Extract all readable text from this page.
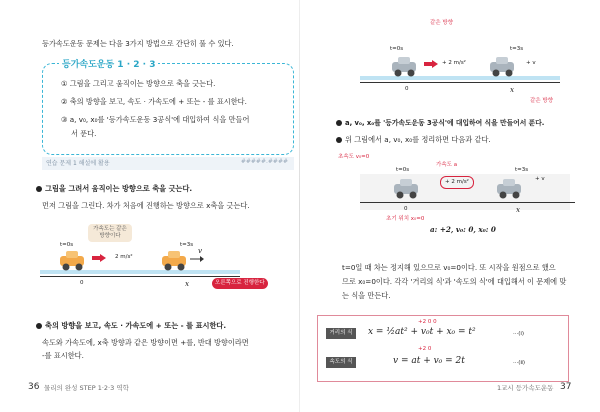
등가속도운동 문제는 다음 3가지 방법으로 간단히 풀 수 있다.
등가속도운동 1 · 2 · 3
① 그림을 그리고 움직이는 방향으로 축을 긋는다.
② 축의 방향을 보고, 속도 · 가속도에 + 또는 - 를 표시한다.
③ a, v₀, x₀를 '등가속도운동 3공식'에 대입하여 식을 만들어
서 푼다.
연습 문제 1 해설에 활용	#####.####
그림을 그려서 움직이는 방향으로 축을 긋는다.
먼저 그림을 그린다. 차가 처음에 진행하는 방향으로 x축을 긋는다.
t=0s	t=3s
가속도는 같은 방향이다
2 m/s²
v
0	x	오른쪽으로 진행한다
축의 방향을 보고, 속도 · 가속도에 + 또는 - 를 표시한다.
속도와 가속도에, x축 방향과 같은 방향이면 +를, 반대 방향이라면
-를 표시한다.
36 물리의 완성 STEP 1·2·3 역학
같은 방향
t=0s	t=3s
+ 2 m/s²	+ v
0	x
같은 방향
a, v₀, x₀를 '등가속도운동 3공식'에 대입하여 식을 만들어서 푼다.
위 그림에서 a, v₀, x₀를 정리하면 다음과 같다.
초속도 v₀=0
가속도 a
t=0s	t=3s
+ 2 m/s²	+ v
0	x
초기 위치 x₀=0
a: +2, v₀: 0, x₀: 0
t=0일 때 차는 정지해 있으므로 v₀=0이다. 또 시작을 원점으로 했으
므로 x₀=0이다. 각각 '거리의 식'과 '속도의 식'에 대입해서 이 문제에 맞
는 식을 만든다.
+2 0 0
거리의 식	x = ½at² + v₀t + x₀ = t²	···(ⅰ)
+2 0
속도의 식	v = at + v₀ = 2t	···(ⅱ)
1교시 등가속도운동 37
